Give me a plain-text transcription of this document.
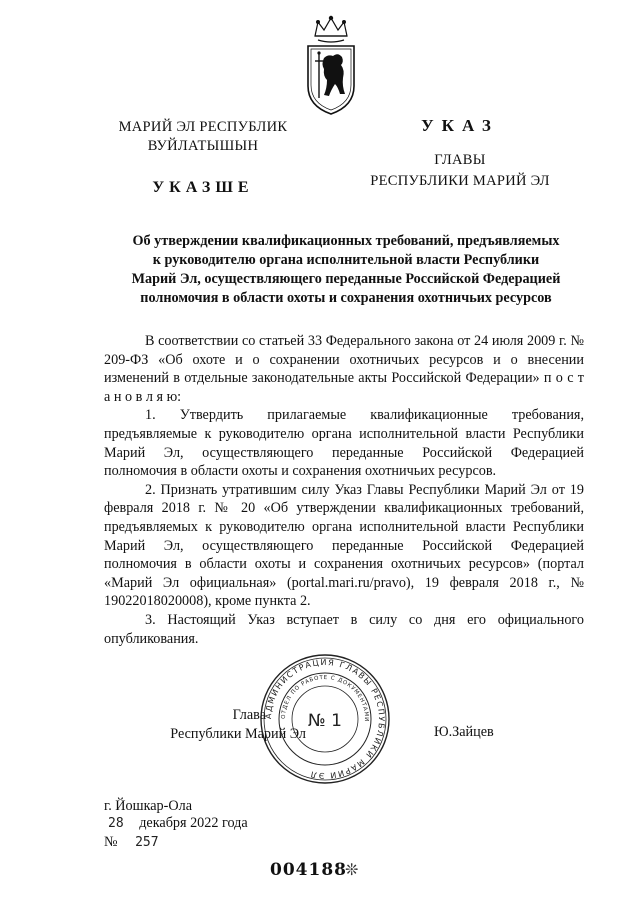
МАРИЙ ЭЛ РЕСПУБЛИК
ВУЙЛАТЫШЫН
УКАЗШЕ
УКАЗ
ГЛАВЫ
РЕСПУБЛИКИ МАРИЙ ЭЛ
Об утверждении квалификационных требований, предъявляемых
к руководителю органа исполнительной власти Республики
Марий Эл, осуществляющего переданные Российской Федерацией
полномочия в области охоты и сохранения охотничьих ресурсов

В соответствии со статьей 33 Федерального закона от 24 июля 2009 г. № 209-ФЗ «Об охоте и о сохранении охотничьих ресурсов и о внесении изменений в отдельные законодательные акты Российской Федерации» п о с т а н о в л я ю:

1. Утвердить прилагаемые квалификационные требования, предъявляемые к руководителю органа исполнительной власти Республики Марий Эл, осуществляющего переданные Российской Федерацией полномочия в области охоты и сохранения охотничьих ресурсов.

2. Признать утратившим силу Указ Главы Республики Марий Эл от 19 февраля 2018 г. № 20 «Об утверждении квалификационных требований, предъявляемых к руководителю органа исполнительной власти Республики Марий Эл, осуществляющего переданные Российской Федерацией полномочия в области охоты и сохранения охотничьих ресурсов» (портал «Марий Эл официальная» (portal.mari.ru/pravo), 19 февраля 2018 г., № 19022018020008), кроме пункта 2.

3. Настоящий Указ вступает в силу со дня его официального опубликования.

Глава
Республики Марий Эл	Ю.Зайцев
АДМИНИСТРАЦИЯ ГЛАВЫ РЕСПУБЛИКИ МАРИЙ ЭЛ
ОТДЕЛ ПО РАБОТЕ С ДОКУМЕНТАМИ
№ 1
г. Йошкар-Ола
28 декабря 2022 года
№ 257
004188
❊
